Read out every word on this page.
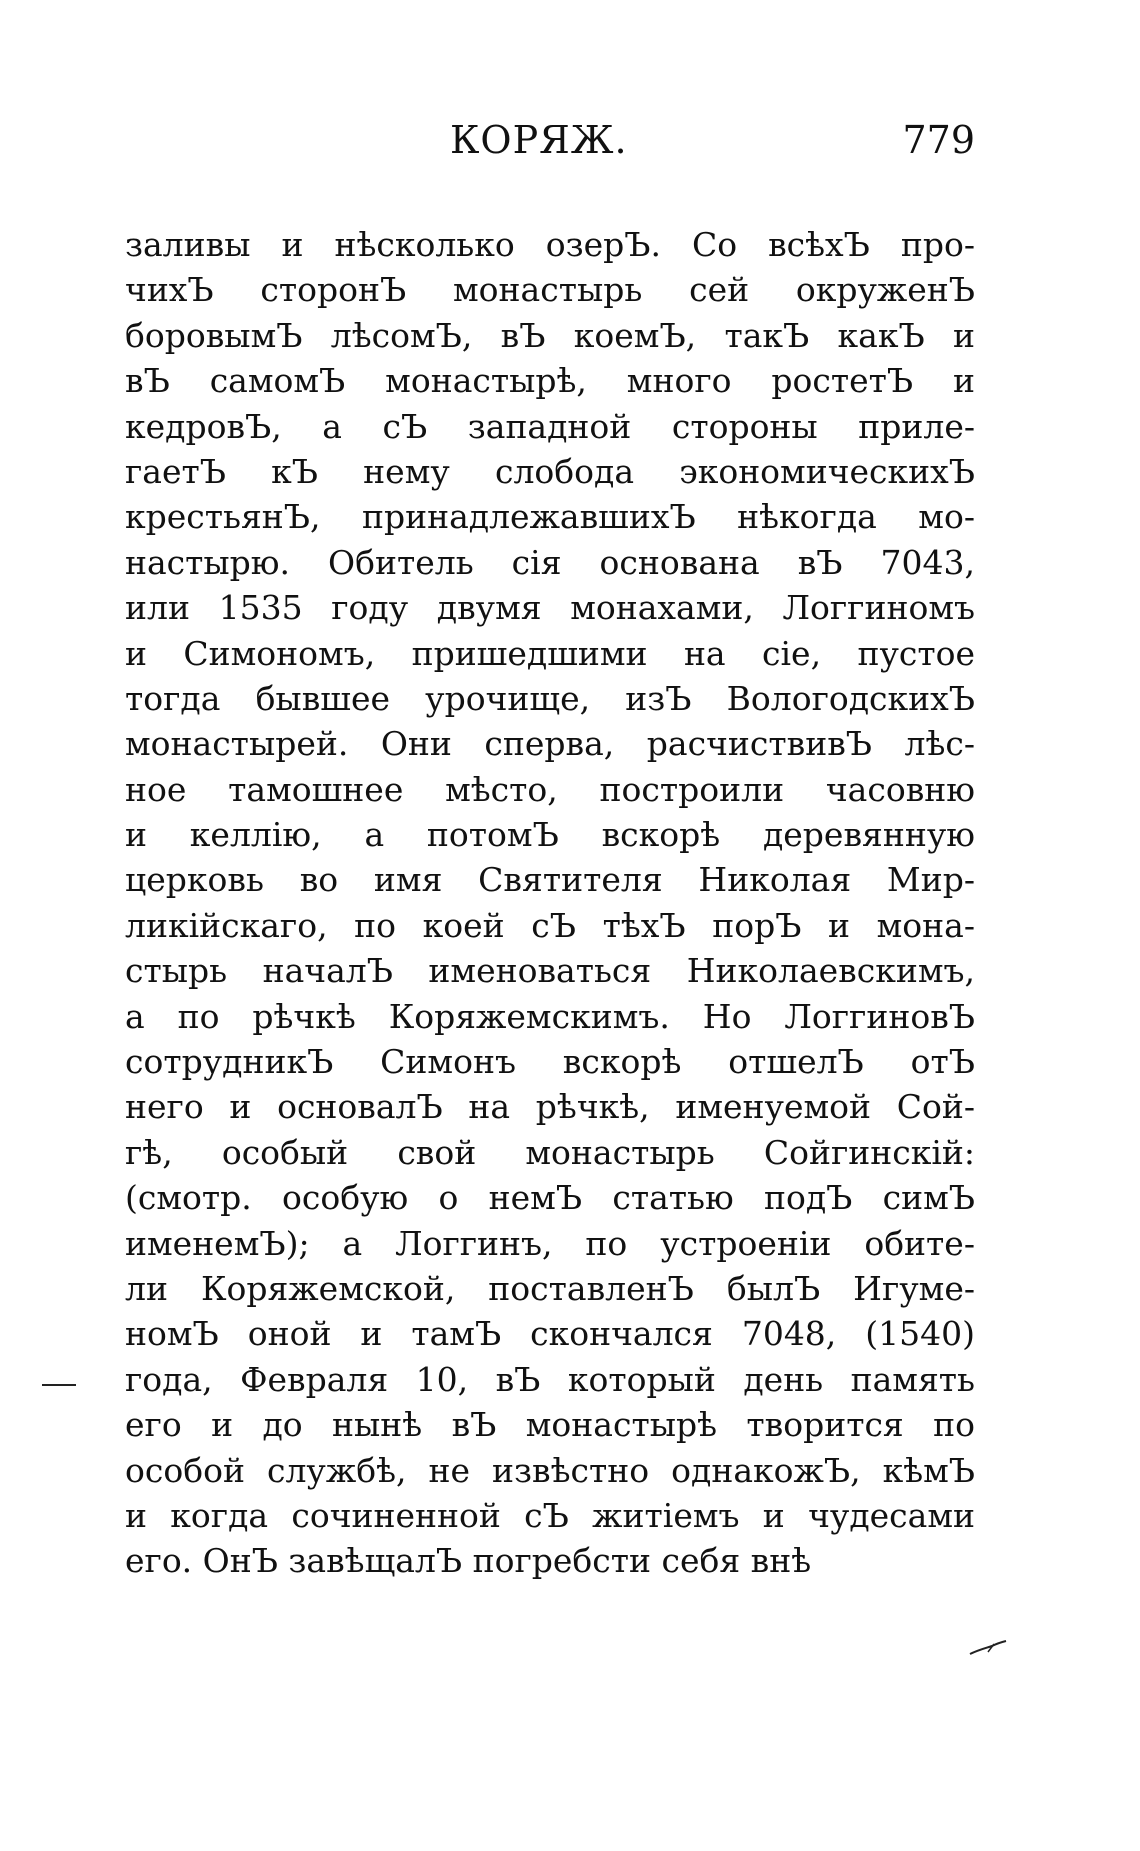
КОРЯЖ.	779
заливы и нѣсколько озерЪ. Со всѣхЪ про-
чихЪ сторонЪ монастырь сей окруженЪ
боровымЪ лѣсомЪ, вЪ коемЪ, такЪ какЪ и
вЪ самомЪ монастырѣ, много ростетЪ и
кедровЪ, а сЪ западной стороны приле-
гаетЪ кЪ нему слобода экономическихЪ
крестьянЪ, принадлежавшихЪ нѣкогда мо-
настырю. Обитель сія основана вЪ 7043,
или 1535 году двумя монахами, Логгиномъ
и Симономъ, пришедшими на сіе, пустое
тогда бывшее урочище, изЪ ВологодскихЪ
монастырей. Они сперва, расчиствивЪ лѣс-
ное тамошнее мѣсто, построили часовню
и келлію, а потомЪ вскорѣ деревянную
церковь во имя Святителя Николая Мир-
ликійскаго, по коей сЪ тѣхЪ порЪ и мона-
стырь началЪ именоваться Николаевскимъ,
а по рѣчкѣ Коряжемскимъ. Но ЛоггиновЪ
сотрудникЪ Симонъ вскорѣ отшелЪ отЪ
него и основалЪ на рѣчкѣ, именуемой Сой-
гѣ, особый свой монастырь Сойгинскій:
(смотр. особую о немЪ статью подЪ симЪ
именемЪ); а Логгинъ, по устроеніи обите-
ли Коряжемской, поставленЪ былЪ Игуме-
номЪ оной и тамЪ скончался 7048, (1540)
года, Февраля 10, вЪ который день память
его и до нынѣ вЪ монастырѣ творится по
особой службѣ, не извѣстно однакожЪ, кѣмЪ
и когда сочиненной сЪ житіемъ и чудесами
его. ОнЪ завѣщалЪ погребсти себя внѣ
